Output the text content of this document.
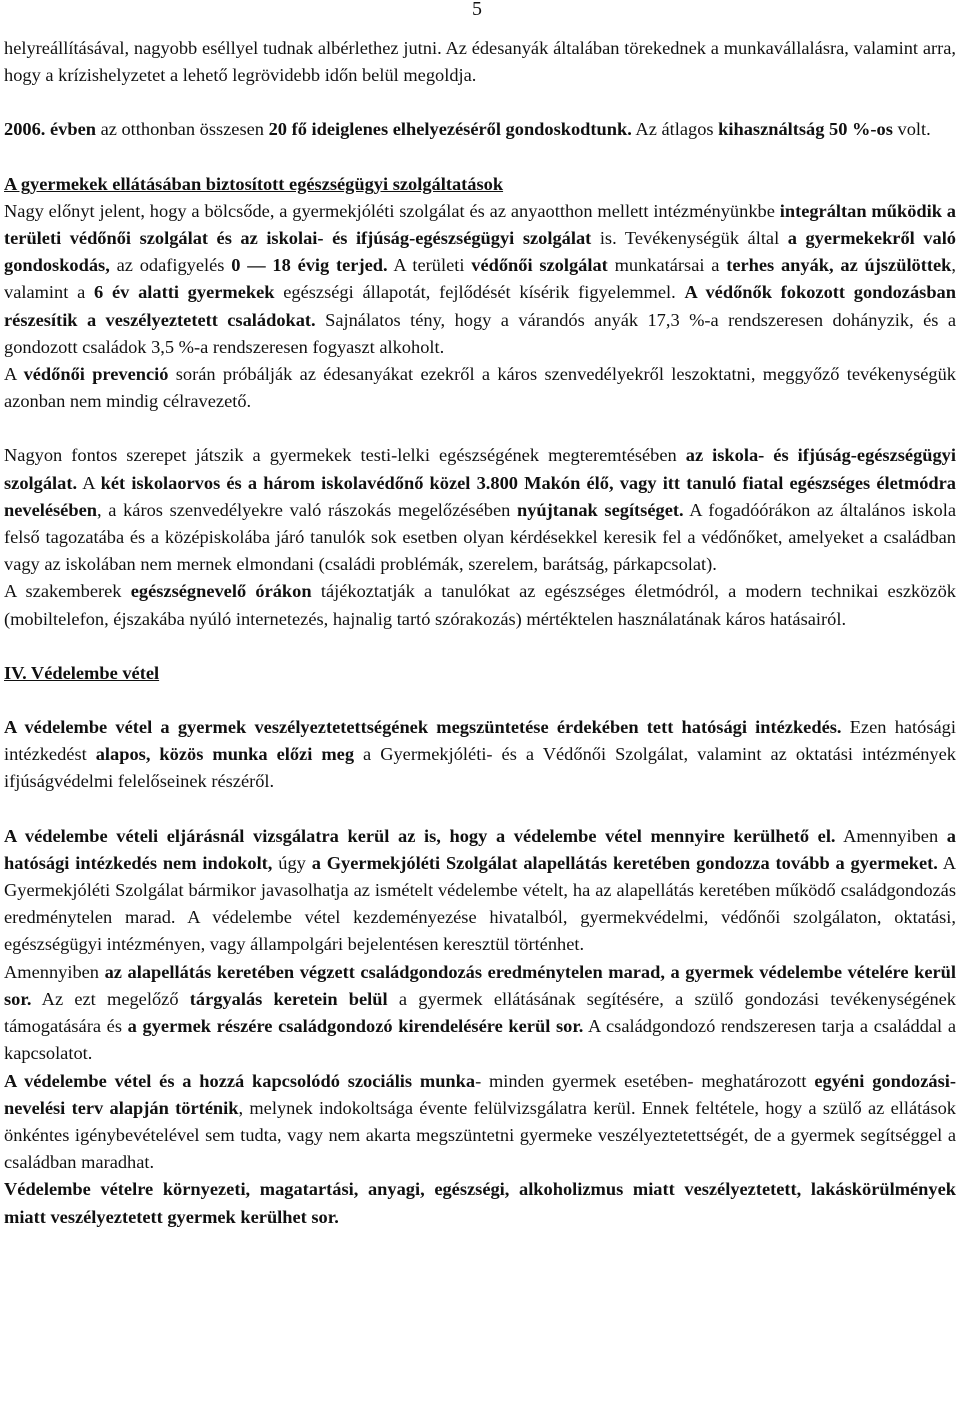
5

helyreállításával, nagyobb eséllyel tudnak albérlethez jutni. Az édesanyák általában törekednek a munkavállalásra, valamint arra, hogy a krízishelyzetet a lehető legrövidebb időn belül megoldja.

2006. évben az otthonban összesen 20 fő ideiglenes elhelyezéséről gondoskodtunk. Az átlagos kihasználtság 50 %-os volt.

A gyermekek ellátásában biztosított egészségügyi szolgáltatások

Nagy előnyt jelent, hogy a bölcsőde, a gyermekjóléti szolgálat és az anyaotthon mellett intézményünkbe integráltan működik a területi védőnői szolgálat és az iskolai- és ifjúság-egészségügyi szolgálat is. Tevékenységük által a gyermekekről való gondoskodás, az odafigyelés 0 — 18 évig terjed. A területi védőnői szolgálat munkatársai a terhes anyák, az újszülöttek, valamint a 6 év alatti gyermekek egészségi állapotát, fejlődését kísérik figyelemmel. A védőnők fokozott gondozásban részesítik a veszélyeztetett családokat. Sajnálatos tény, hogy a várandós anyák 17,3 %-a rendszeresen dohányzik, és a gondozott családok 3,5 %-a rendszeresen fogyaszt alkoholt.

A védőnői prevenció során próbálják az édesanyákat ezekről a káros szenvedélyekről leszoktatni, meggyőző tevékenységük azonban nem mindig célravezető.

Nagyon fontos szerepet játszik a gyermekek testi-lelki egészségének megteremtésében az iskola- és ifjúság-egészségügyi szolgálat. A két iskolaorvos és a három iskolavédőnő közel 3.800 Makón élő, vagy itt tanuló fiatal egészséges életmódra nevelésében, a káros szenvedélyekre való rászokás megelőzésében nyújtanak segítséget. A fogadóórákon az általános iskola felső tagozatába és a középiskolába járó tanulók sok esetben olyan kérdésekkel keresik fel a védőnőket, amelyeket a családban vagy az iskolában nem mernek elmondani (családi problémák, szerelem, barátság, párkapcsolat).

A szakemberek egészségnevelő órákon tájékoztatják a tanulókat az egészséges életmódról, a modern technikai eszközök (mobiltelefon, éjszakába nyúló internetezés, hajnalig tartó szórakozás) mértéktelen használatának káros hatásairól.

IV. Védelembe vétel

A védelembe vétel a gyermek veszélyeztetettségének megszüntetése érdekében tett hatósági intézkedés. Ezen hatósági intézkedést alapos, közös munka előzi meg a Gyermekjóléti- és a Védőnői Szolgálat, valamint az oktatási intézmények ifjúságvédelmi felelőseinek részéről.

A védelembe vételi eljárásnál vizsgálatra kerül az is, hogy a védelembe vétel mennyire kerülhető el. Amennyiben a hatósági intézkedés nem indokolt, úgy a Gyermekjóléti Szolgálat alapellátás keretében gondozza tovább a gyermeket. A Gyermekjóléti Szolgálat bármikor javasolhatja az ismételt védelembe vételt, ha az alapellátás keretében működő családgondozás eredménytelen marad. A védelembe vétel kezdeményezése hivatalból, gyermekvédelmi, védőnői szolgálaton, oktatási, egészségügyi intézményen, vagy állampolgári bejelentésen keresztül történhet.

Amennyiben az alapellátás keretében végzett családgondozás eredménytelen marad, a gyermek védelembe vételére kerül sor. Az ezt megelőző tárgyalás keretein belül a gyermek ellátásának segítésére, a szülő gondozási tevékenységének támogatására és a gyermek részére családgondozó kirendelésére kerül sor. A családgondozó rendszeresen tarja a családdal a kapcsolatot.

A védelembe vétel és a hozzá kapcsolódó szociális munka- minden gyermek esetében- meghatározott egyéni gondozási-nevelési terv alapján történik, melynek indokoltsága évente felülvizsgálatra kerül. Ennek feltétele, hogy a szülő az ellátások önkéntes igénybevételével sem tudta, vagy nem akarta megszüntetni gyermeke veszélyeztetettségét, de a gyermek segítséggel a családban maradhat.

Védelembe vételre környezeti, magatartási, anyagi, egészségi, alkoholizmus miatt veszélyeztetett, lakáskörülmények miatt veszélyeztetett gyermek kerülhet sor.
